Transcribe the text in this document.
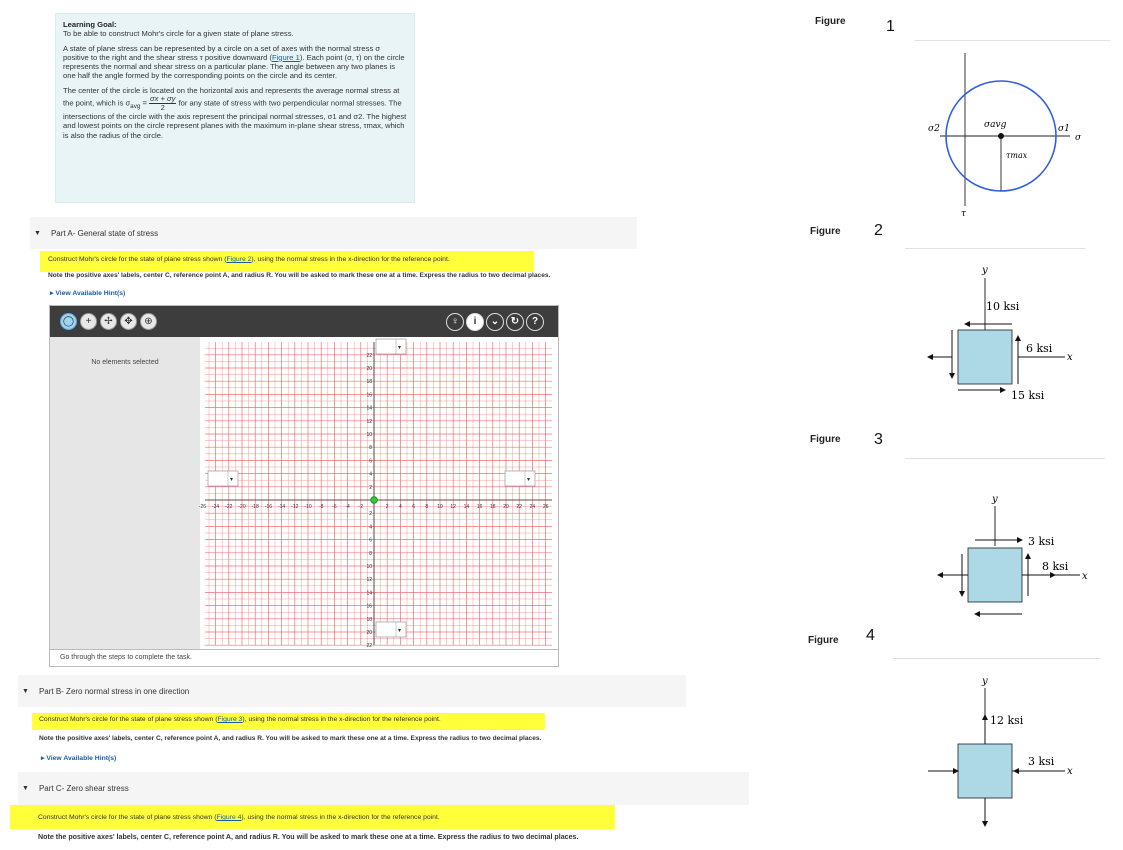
Learning Goal:
To be able to construct Mohr's circle for a given state of plane stress.

A state of plane stress can be represented by a circle on a set of axes with the normal stress σ positive to the right and the shear stress τ positive downward (Figure 1). Each point (σ, τ) on the circle represents the normal and shear stress on a particular plane. The angle between any two planes is one half the angle formed by the corresponding points on the circle and its center.

The center of the circle is located on the horizontal axis and represents the average normal stress at the point, which is $\sigma_{avg} = \frac{\sigma x + \sigma y}{2}$ for any state of stress with two perpendicular normal stresses. The intersections of the circle with the axis represent the principal normal stresses, σ1 and σ2. The highest and lowest points on the circle represent planes with the maximum in-plane shear stress, τmax, which is also the radius of the circle.

▼ Part A - General state of stress
Construct Mohr's circle for the state of plane stress shown (Figure 2), using the normal stress in the x-direction for the reference point.
Note the positive axes' labels, center C, reference point A, and radius R. You will be asked to mark these one at a time. Express the radius to two decimal places.
▸ View Available Hint(s)
◯	+	✢	✥	⊕	♀	i	⌄	↻	?
No elements selected
-26 -24 -22 -20 -18 -16 -14 -12 -10 -8 -6 -4 -2	2 4 6 8 10 12 14 16 18 20 22 24 26
22
20
18
16
14
12
10
8
6
4
2
2
4
6
8
10
12
14
16
18
20
22
▾
▾	▾
▾
Go through the steps to complete the task.
▼ Part B - Zero normal stress in one direction
Construct Mohr's circle for the state of plane stress shown (Figure 3), using the normal stress in the x-direction for the reference point.
Note the positive axes' labels, center C, reference point A, and radius R. You will be asked to mark these one at a time. Express the radius to two decimal places.
▸ View Available Hint(s)
▼ Part C - Zero shear stress
Construct Mohr's circle for the state of plane stress shown (Figure 4), using the normal stress in the x-direction for the reference point.
Note the positive axes' labels, center C, reference point A, and radius R. You will be asked to mark these one at a time. Express the radius to two decimal places.
Figure	1
σ2	σavg	σ1
σ
τmax
τ
Figure 2
y
x
10 ksi
6 ksi
15 ksi
Figure 3
y
x
3 ksi
8 ksi
Figure 4
y
x
12 ksi
3 ksi
